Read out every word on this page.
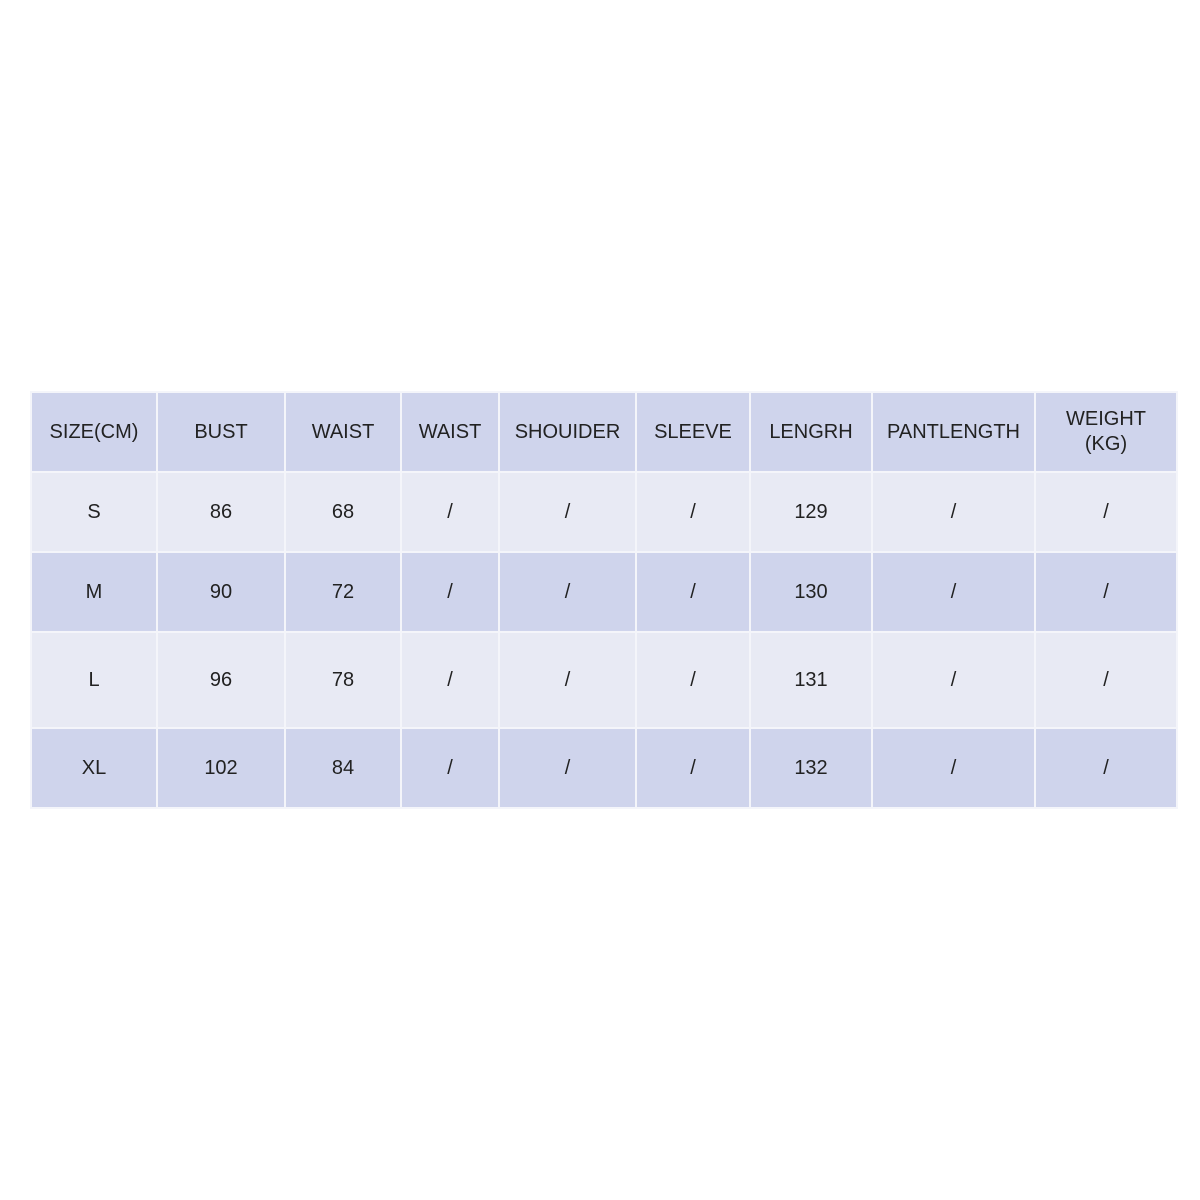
SIZE(CM)	BUST	WAIST	WAIST	SHOUIDER	SLEEVE	LENGRH	PANTLENGTH	WEIGHT
(KG)
S	86	68	/	/	/	129	/	/
M	90	72	/	/	/	130	/	/
L	96	78	/	/	/	131	/	/
XL	102	84	/	/	/	132	/	/
